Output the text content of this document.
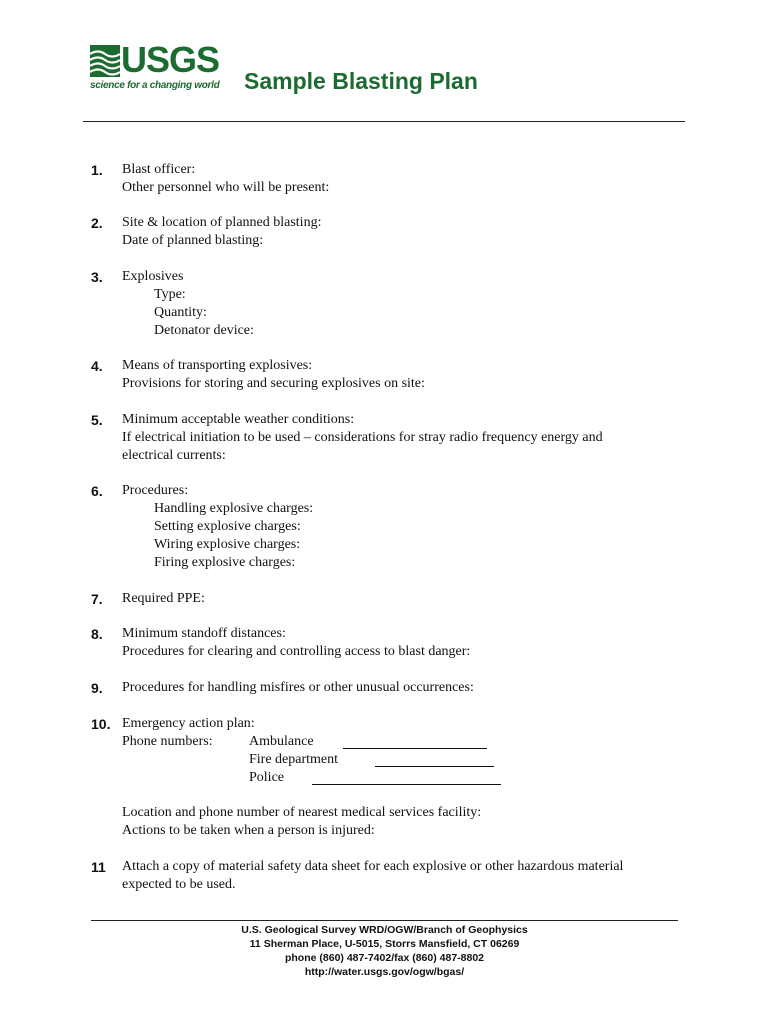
USGS
science for a changing world Sample Blasting Plan
1. Blast officer:
Other personnel who will be present:
2. Site & location of planned blasting:
Date of planned blasting:
3. Explosives
Type:
Quantity:
Detonator device:
4. Means of transporting explosives:
Provisions for storing and securing explosives on site:
5. Minimum acceptable weather conditions:
If electrical initiation to be used – considerations for stray radio frequency energy and
electrical currents:
6. Procedures:
Handling explosive charges:
Setting explosive charges:
Wiring explosive charges:
Firing explosive charges:
7. Required PPE:
8. Minimum standoff distances:
Procedures for clearing and controlling access to blast danger:
9. Procedures for handling misfires or other unusual occurrences:
10. Emergency action plan:
Phone numbers:	Ambulance
Fire department
Police
Location and phone number of nearest medical services facility:
Actions to be taken when a person is injured:
11 Attach a copy of material safety data sheet for each explosive or other hazardous material
expected to be used.
U.S. Geological Survey WRD/OGW/Branch of Geophysics
11 Sherman Place, U-5015, Storrs Mansfield, CT 06269
phone (860) 487-7402/fax (860) 487-8802
http://water.usgs.gov/ogw/bgas/
